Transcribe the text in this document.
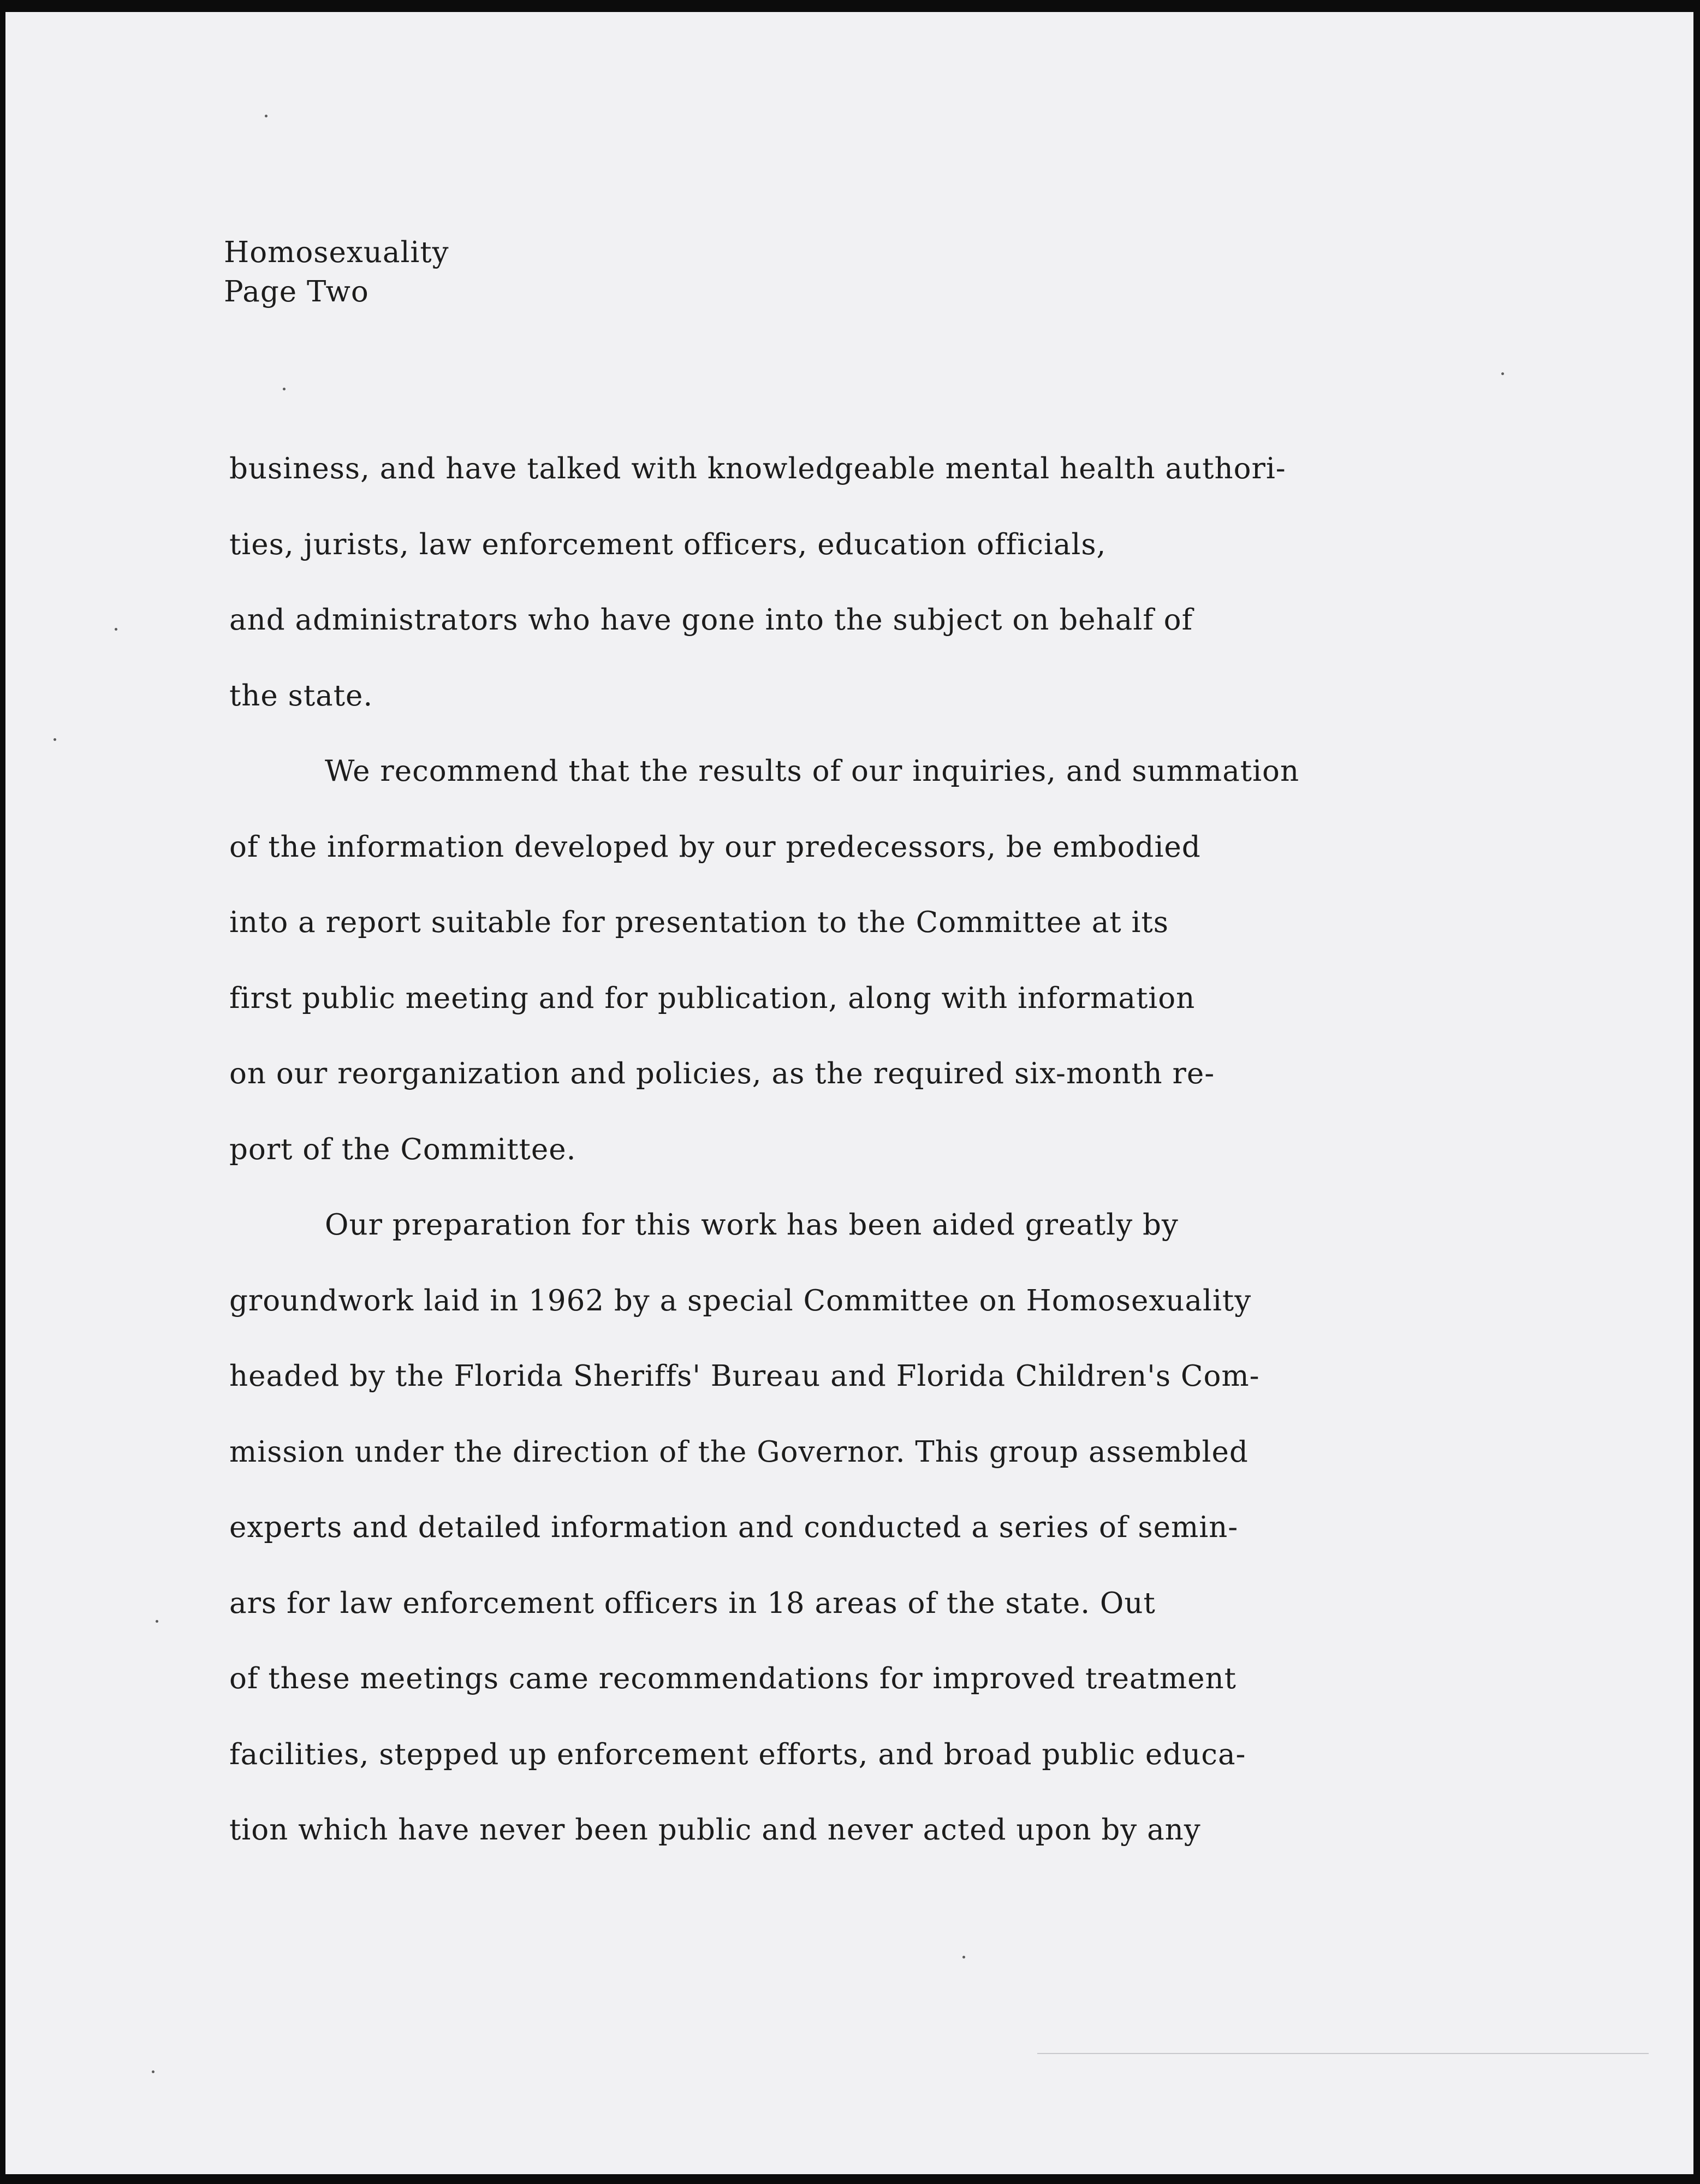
Homosexuality
Page Two
business, and have talked with knowledgeable mental health authori-
ties, jurists, law enforcement officers, education officials,
and administrators who have gone into the subject on behalf of
the state.
We recommend that the results of our inquiries, and summation
of the information developed by our predecessors, be embodied
into a report suitable for presentation to the Committee at its
first public meeting and for publication, along with information
on our reorganization and policies, as the required six-month re-
port of the Committee.
Our preparation for this work has been aided greatly by
groundwork laid in 1962 by a special Committee on Homosexuality
headed by the Florida Sheriffs' Bureau and Florida Children's Com-
mission under the direction of the Governor. This group assembled
experts and detailed information and conducted a series of semin-
ars for law enforcement officers in 18 areas of the state. Out
of these meetings came recommendations for improved treatment
facilities, stepped up enforcement efforts, and broad public educa-
tion which have never been public and never acted upon by any
